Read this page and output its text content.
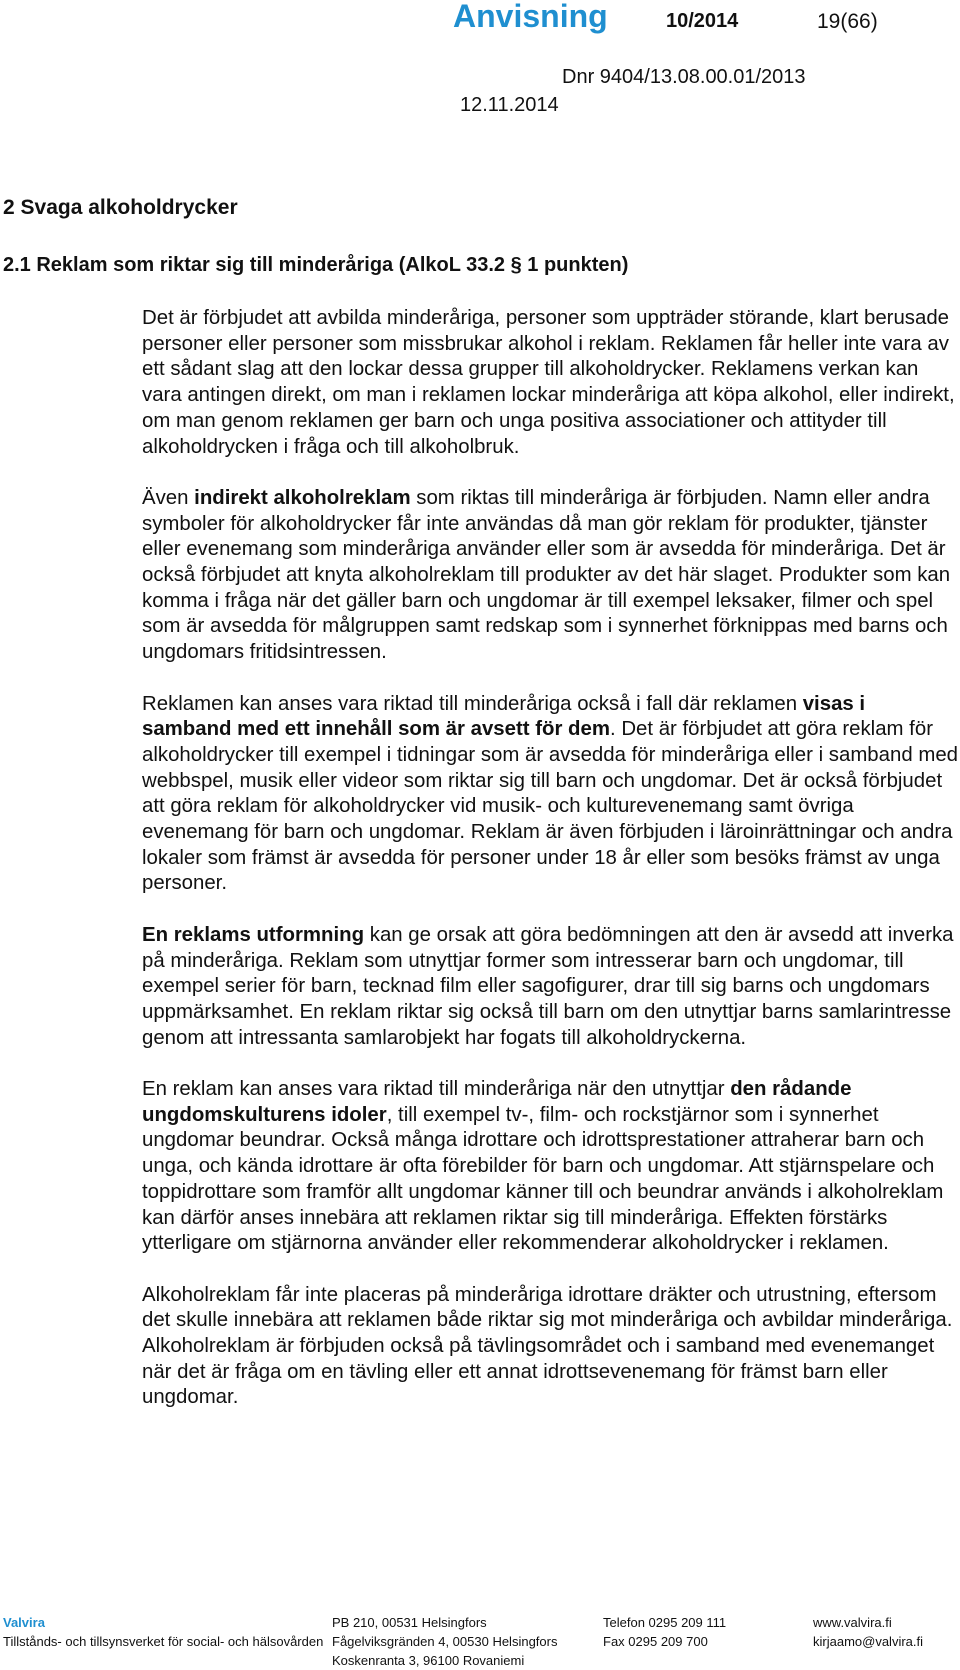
Anvisning	10/2014	19(66)
Dnr 9404/13.08.00.01/2013
12.11.2014
2 Svaga alkoholdrycker
2.1 Reklam som riktar sig till minderåriga (AlkoL 33.2 § 1 punkten)

Det är förbjudet att avbilda minderåriga, personer som uppträder störande, klart berusade personer eller personer som missbrukar alkohol i reklam. Reklamen får heller inte vara av ett sådant slag att den lockar dessa grupper till alkoholdrycker. Reklamens verkan kan vara antingen direkt, om man i reklamen lockar minderåriga att köpa alkohol, eller indirekt, om man genom reklamen ger barn och unga positiva associationer och attityder till alkoholdrycken i fråga och till alkoholbruk.

Även indirekt alkoholreklam som riktas till minderåriga är förbjuden. Namn eller andra symboler för alkoholdrycker får inte användas då man gör reklam för produkter, tjänster eller evenemang som minderåriga använder eller som är avsedda för minderåriga. Det är också förbjudet att knyta alkoholreklam till produkter av det här slaget. Produkter som kan komma i fråga när det gäller barn och ungdomar är till exempel leksaker, filmer och spel som är avsedda för målgruppen samt redskap som i synnerhet förknippas med barns och ungdomars fritidsintressen.

Reklamen kan anses vara riktad till minderåriga också i fall där reklamen visas i samband med ett innehåll som är avsett för dem. Det är förbjudet att göra reklam för alkoholdrycker till exempel i tidningar som är avsedda för minderåriga eller i samband med webbspel, musik eller videor som riktar sig till barn och ungdomar. Det är också förbjudet att göra reklam för alkoholdrycker vid musik- och kulturevenemang samt övriga evenemang för barn och ungdomar. Reklam är även förbjuden i läroinrättningar och andra lokaler som främst är avsedda för personer under 18 år eller som besöks främst av unga personer.

En reklams utformning kan ge orsak att göra bedömningen att den är avsedd att inverka på minderåriga. Reklam som utnyttjar former som intresserar barn och ungdomar, till exempel serier för barn, tecknad film eller sagofigurer, drar till sig barns och ungdomars uppmärksamhet. En reklam riktar sig också till barn om den utnyttjar barns samlarintresse genom att intressanta samlarobjekt har fogats till alkoholdryckerna.

En reklam kan anses vara riktad till minderåriga när den utnyttjar den rådande ungdomskulturens idoler, till exempel tv-, film- och rockstjärnor som i synnerhet ungdomar beundrar. Också många idrottare och idrottsprestationer attraherar barn och unga, och kända idrottare är ofta förebilder för barn och ungdomar. Att stjärnspelare och toppidrottare som framför allt ungdomar känner till och beundrar används i alkoholreklam kan därför anses innebära att reklamen riktar sig till minderåriga. Effekten förstärks ytterligare om stjärnorna använder eller rekommenderar alkoholdrycker i reklamen.

Alkoholreklam får inte placeras på minderåriga idrottare dräkter och utrustning, eftersom det skulle innebära att reklamen både riktar sig mot minderåriga och avbildar minderåriga. Alkoholreklam är förbjuden också på tävlingsområdet och i samband med evenemanget när det är fråga om en tävling eller ett annat idrottsevenemang för främst barn eller ungdomar.

Valvira
Tillstånds- och tillsynsverket för social- och hälsovården
PB 210, 00531 Helsingfors
Fågelviksgränden 4, 00530 Helsingfors
Koskenranta 3, 96100 Rovaniemi
Telefon 0295 209 111
Fax 0295 209 700
www.valvira.fi
kirjaamo@valvira.fi
